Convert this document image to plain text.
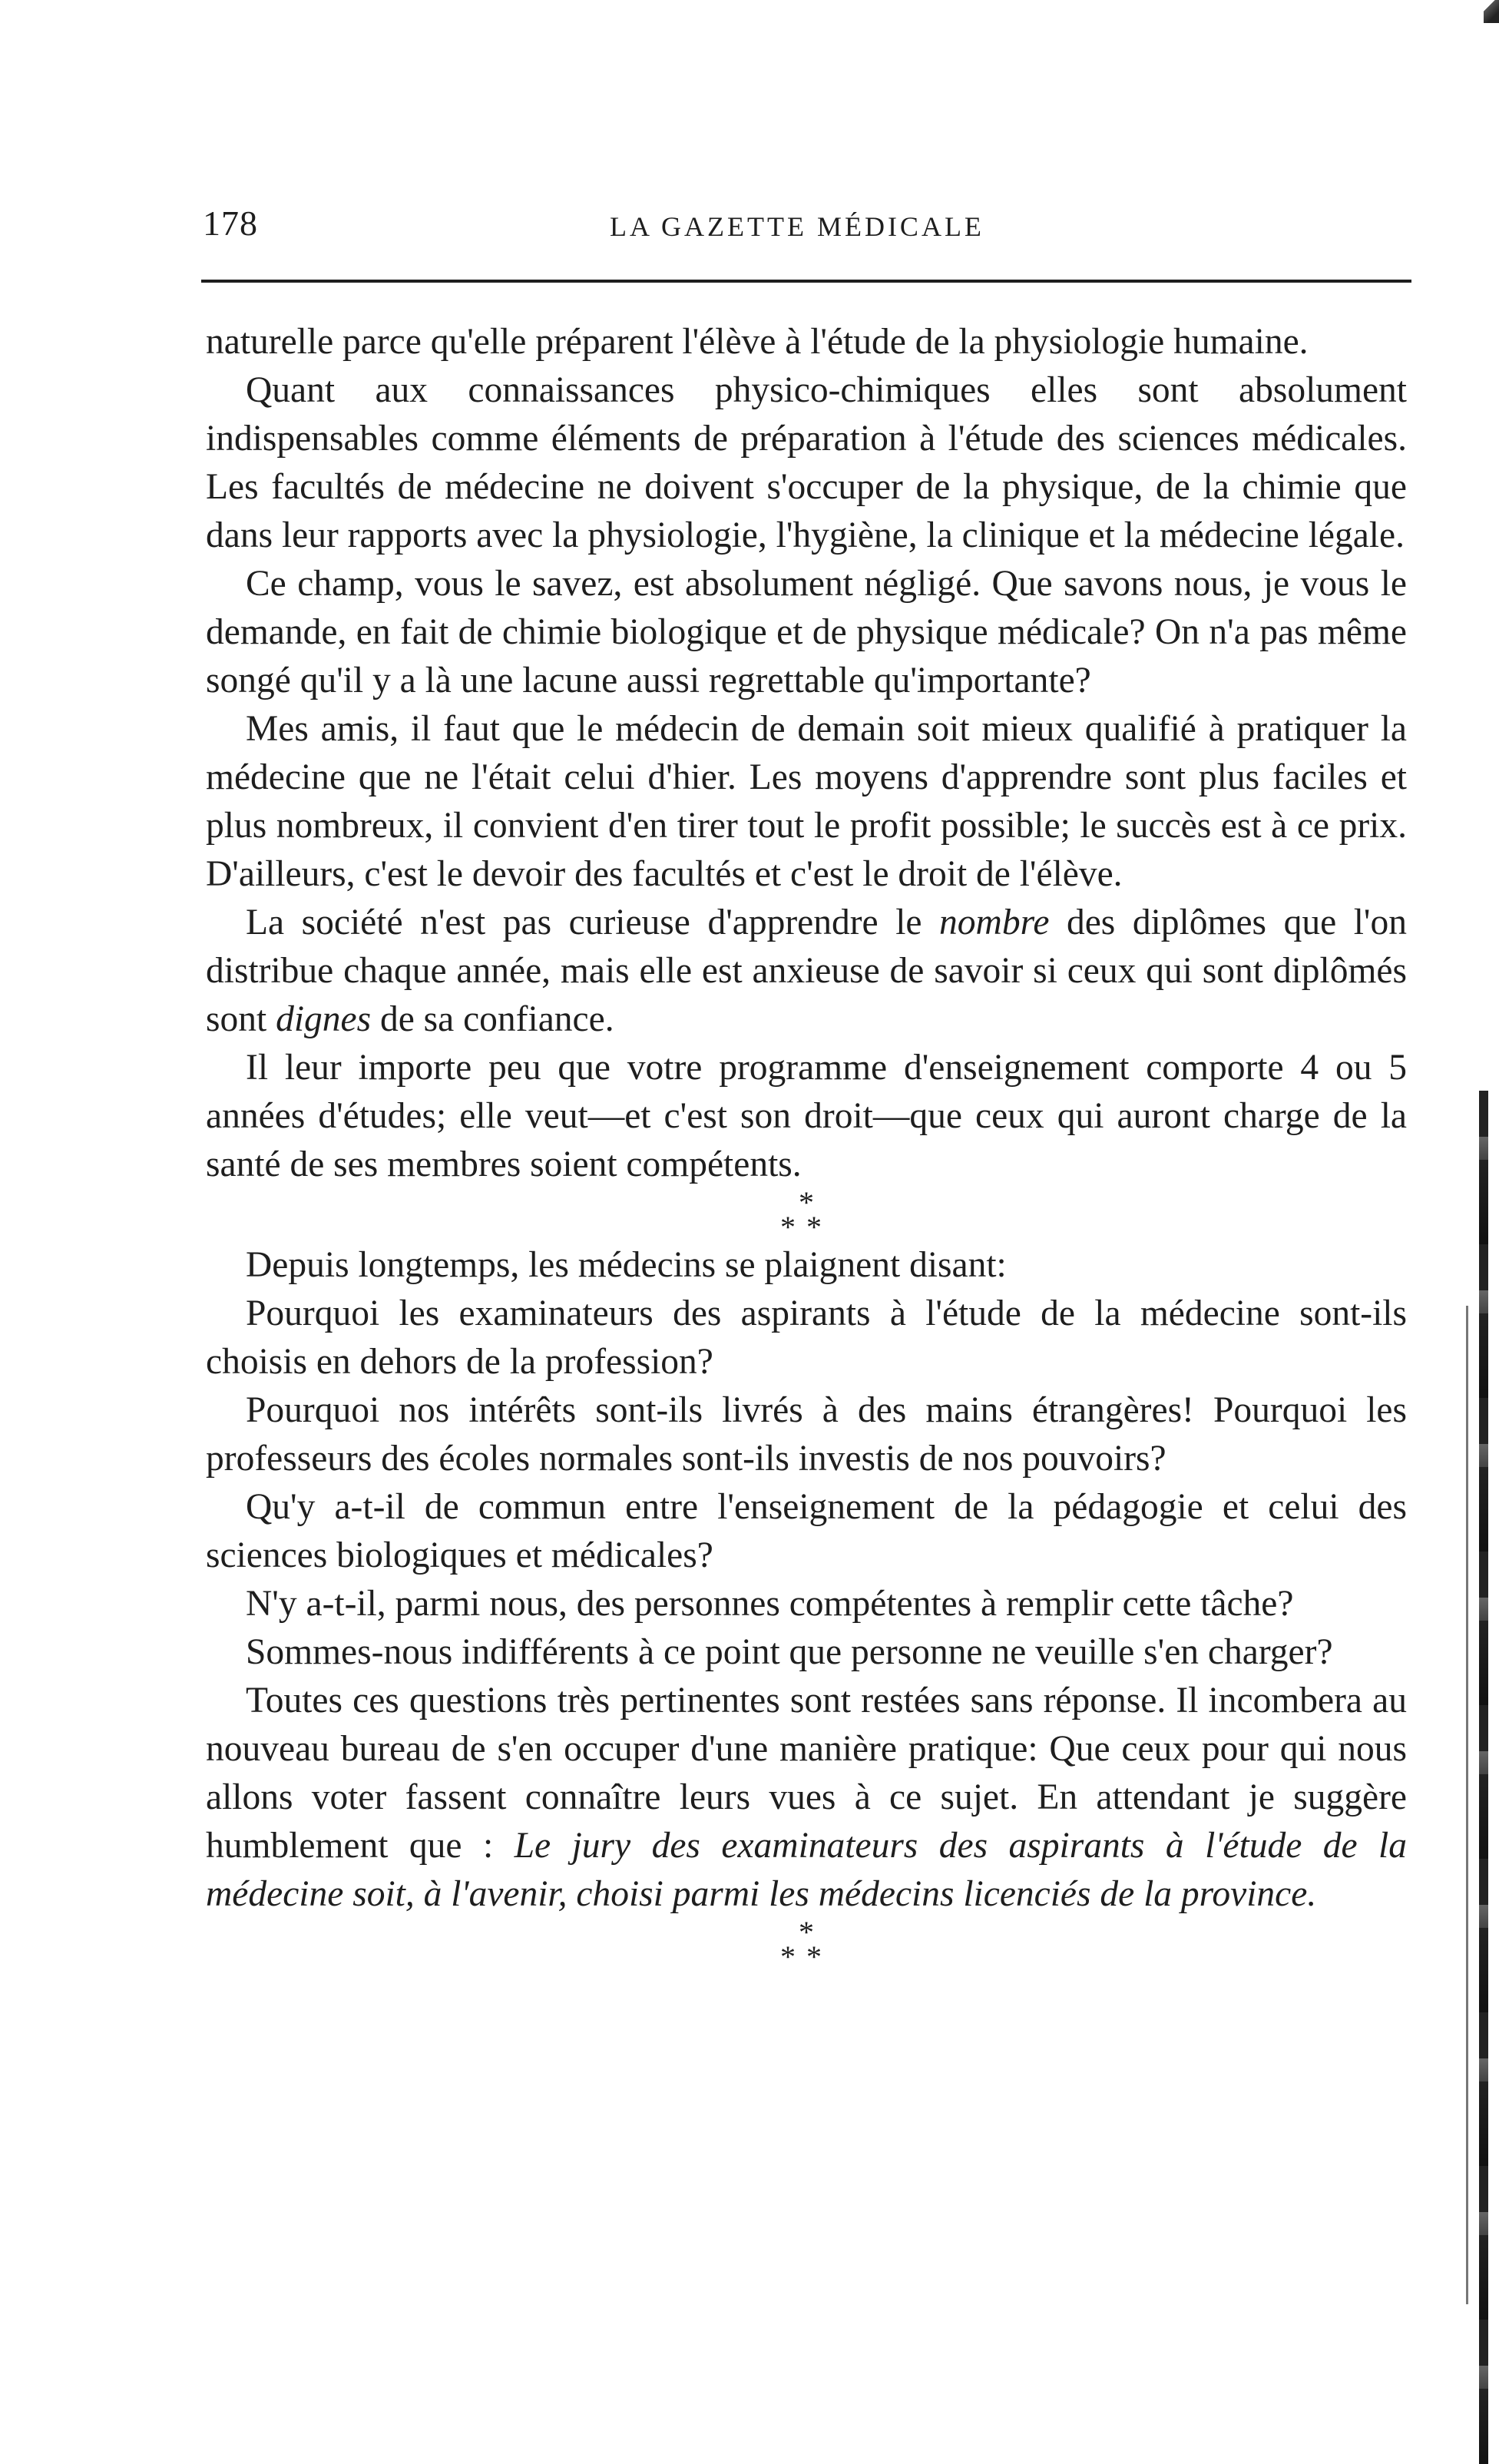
178	LA GAZETTE MÉDICALE

naturelle parce qu'elle préparent l'élève à l'étude de la physiologie humaine.

Quant aux connaissances physico-chimiques elles sont absolument indispensables comme éléments de préparation à l'étude des sciences médicales. Les facultés de médecine ne doivent s'occuper de la physique, de la chimie que dans leur rapports avec la physiologie, l'hygiène, la clinique et la médecine légale.

Ce champ, vous le savez, est absolument négligé. Que savons nous, je vous le demande, en fait de chimie biologique et de physique médicale? On n'a pas même songé qu'il y a là une lacune aussi regrettable qu'importante?

Mes amis, il faut que le médecin de demain soit mieux qualifié à pratiquer la médecine que ne l'était celui d'hier. Les moyens d'apprendre sont plus faciles et plus nombreux, il convient d'en tirer tout le profit possible; le succès est à ce prix. D'ailleurs, c'est le devoir des facultés et c'est le droit de l'élève.

La société n'est pas curieuse d'apprendre le nombre des diplômes que l'on distribue chaque année, mais elle est anxieuse de savoir si ceux qui sont diplômés sont dignes de sa confiance.

Il leur importe peu que votre programme d'enseignement comporte 4 ou 5 années d'études; elle veut—et c'est son droit—que ceux qui auront charge de la santé de ses membres soient compétents.

*
**

Depuis longtemps, les médecins se plaignent disant:

Pourquoi les examinateurs des aspirants à l'étude de la médecine sont-ils choisis en dehors de la profession?

Pourquoi nos intérêts sont-ils livrés à des mains étrangères! Pourquoi les professeurs des écoles normales sont-ils investis de nos pouvoirs?

Qu'y a-t-il de commun entre l'enseignement de la pédagogie et celui des sciences biologiques et médicales?

N'y a-t-il, parmi nous, des personnes compétentes à remplir cette tâche?

Sommes-nous indifférents à ce point que personne ne veuille s'en charger?

Toutes ces questions très pertinentes sont restées sans réponse. Il incombera au nouveau bureau de s'en occuper d'une manière pratique: Que ceux pour qui nous allons voter fassent connaître leurs vues à ce sujet. En attendant je suggère humblement que : Le jury des examinateurs des aspirants à l'étude de la médecine soit, à l'avenir, choisi parmi les médecins licenciés de la province.

*
**
